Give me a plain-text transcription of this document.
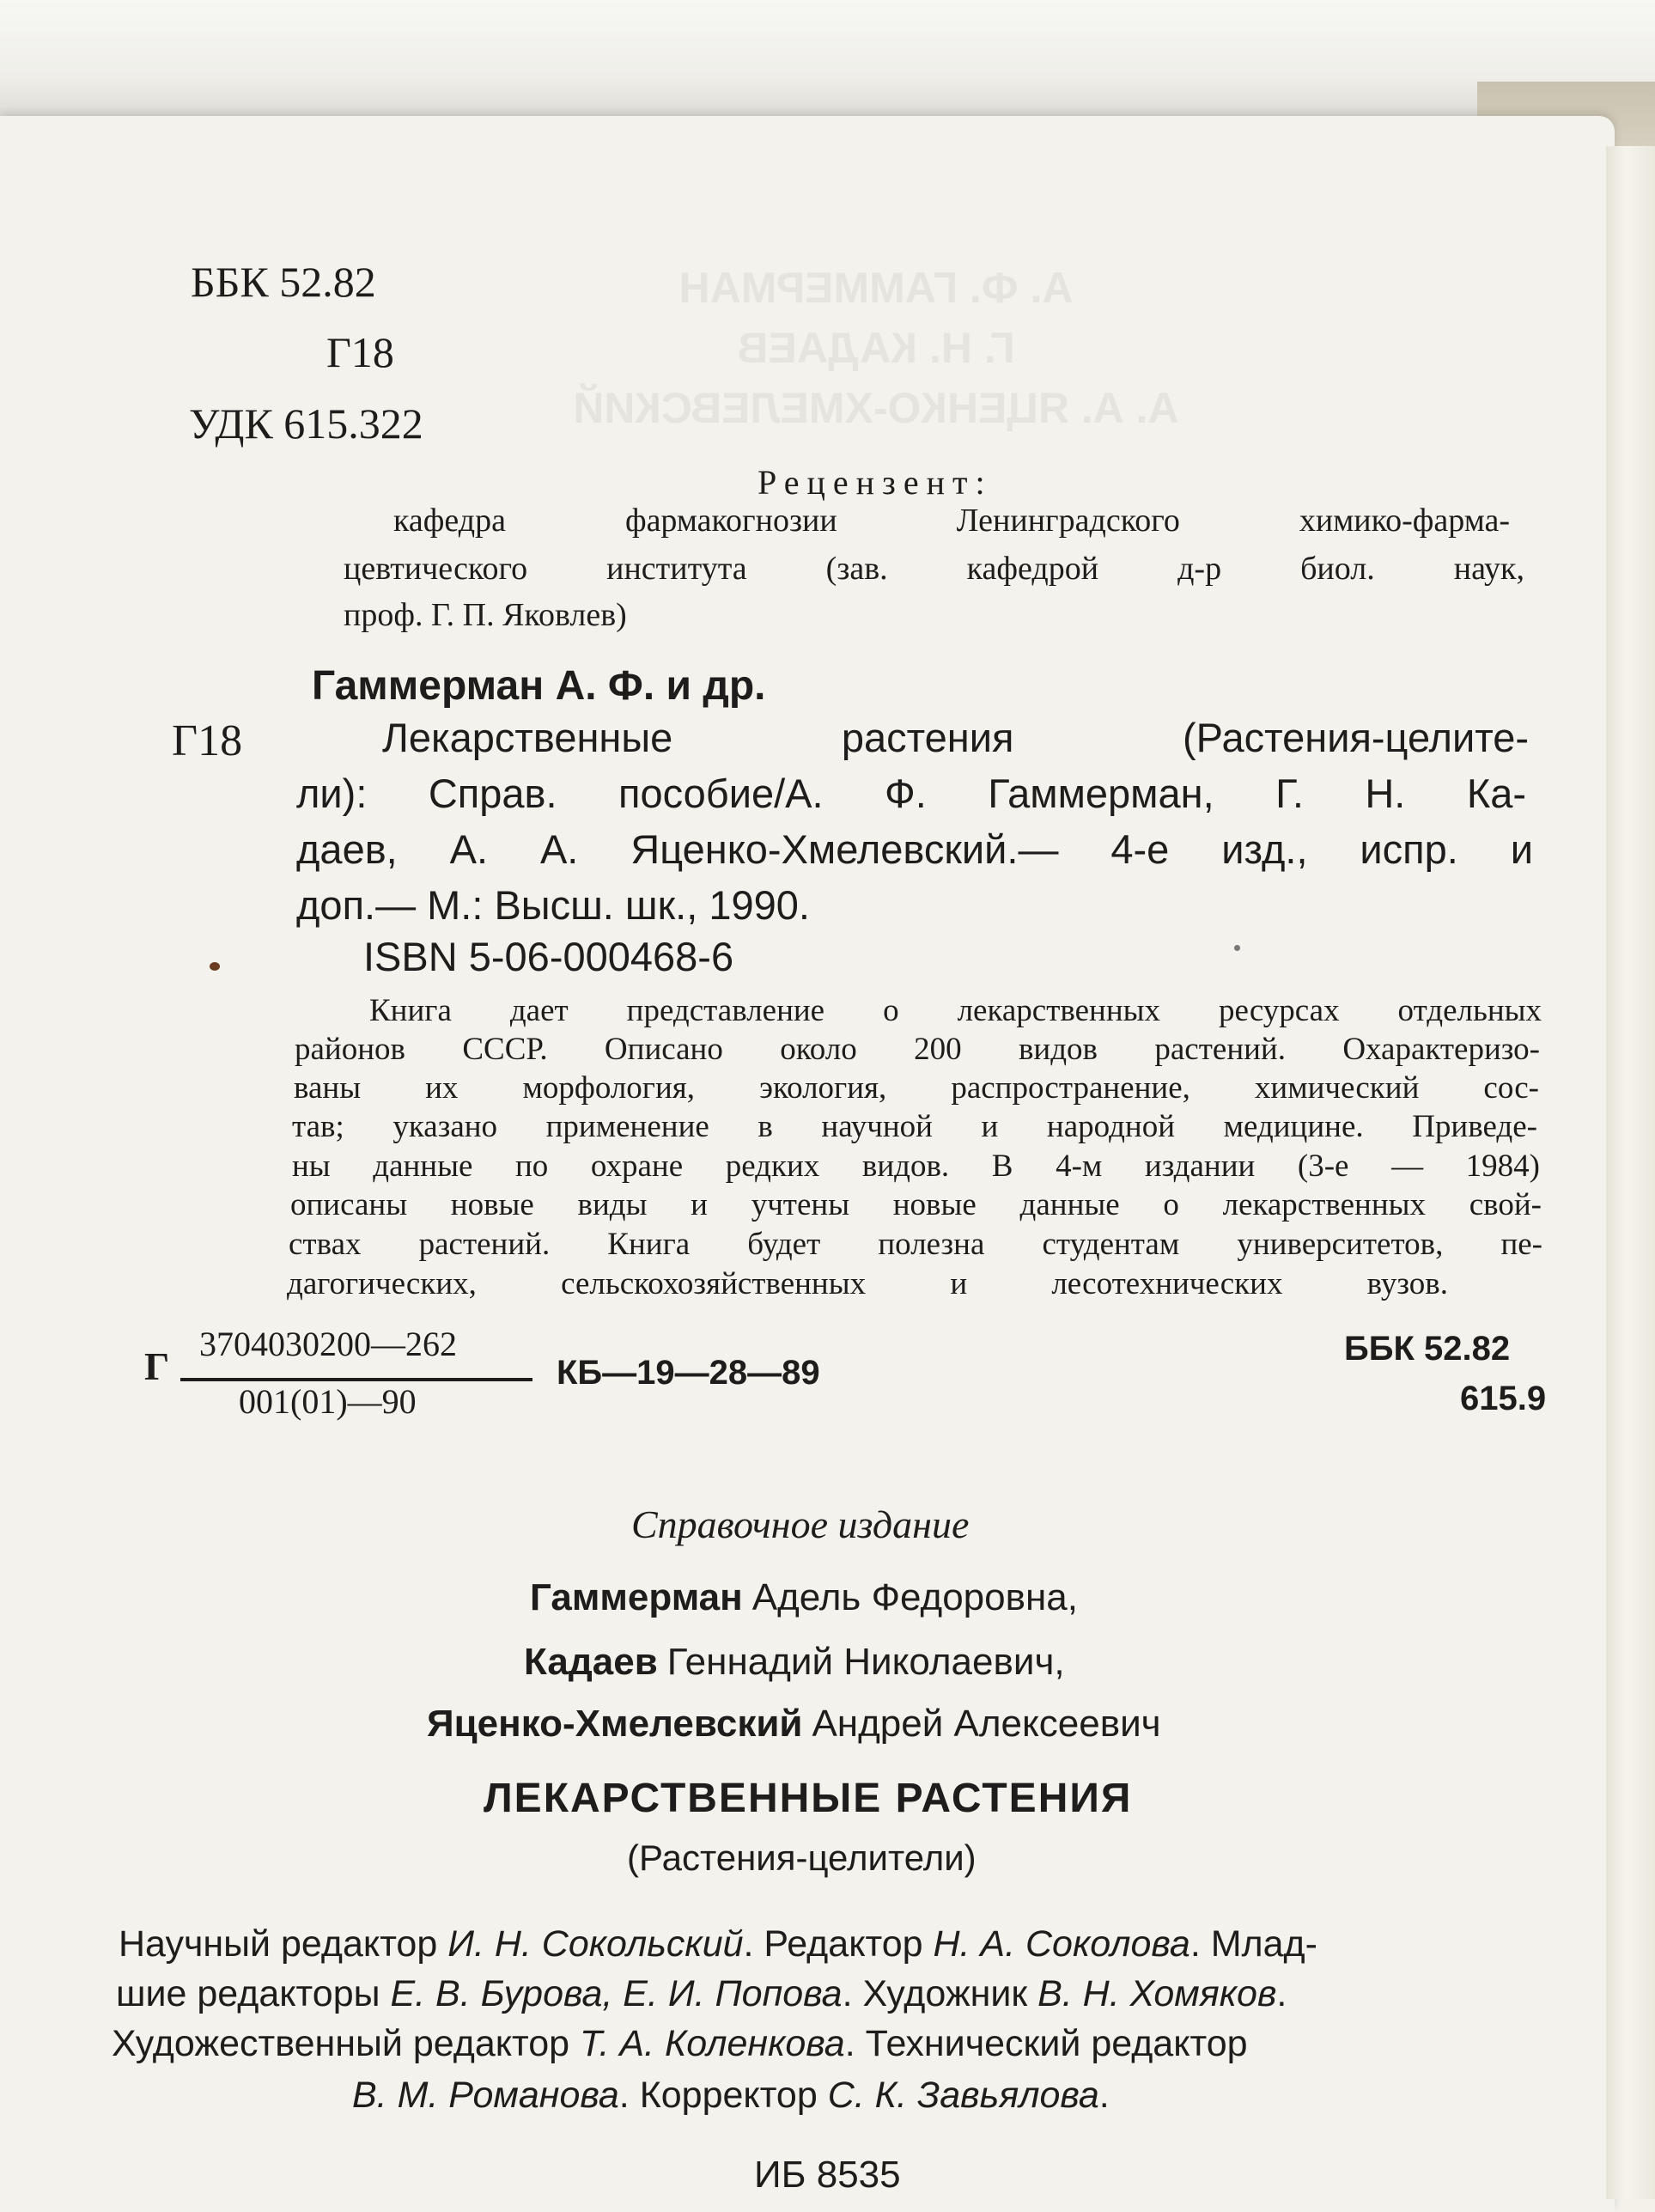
А. Ф. ГАММЕРМАН
Г. Н. КАДАЕВ
А. А. ЯЦЕНКО-ХМЕЛЕВСКИЙ
ББК 52.82
Г18
УДК 615.322
Рецензент:
кафедра фармакогнозии Ленинградского химико-фарма-
цевтического института (зав. кафедрой д-р биол. наук,
проф. Г. П. Яковлев)
Гаммерман А. Ф. и др.
Г18	Лекарственные растения (Растения-целите-
ли): Справ. пособие/А. Ф. Гаммерман, Г. Н. Ка-
даев, А. А. Яценко-Хмелевский.— 4-е изд., испр. и
доп.— М.: Высш. шк., 1990.
ISBN 5-06-000468-6
Книга дает представление о лекарственных ресурсах отдельных
районов СССР. Описано около 200 видов растений. Охарактеризо-
ваны их морфология, экология, распространение, химический сос-
тав; указано применение в научной и народной медицине. Приведе-
ны данные по охране редких видов. В 4-м издании (3-е — 1984)
описаны новые виды и учтены новые данные о лекарственных свой-
ствах растений. Книга будет полезна студентам университетов, пе-
дагогических, сельскохозяйственных и лесотехнических вузов.
Г
3704030200—262
001(01)—90
КБ—19—28—89
ББК 52.82
615.9
Справочное издание
Гаммерман Адель Федоровна,
Кадаев Геннадий Николаевич,
Яценко-Хмелевский Андрей Алексеевич
ЛЕКАРСТВЕННЫЕ РАСТЕНИЯ
(Растения-целители)
Научный редактор И. Н. Сокольский. Редактор Н. А. Соколова. Млад-
шие редакторы Е. В. Бурова, Е. И. Попова. Художник В. Н. Хомяков.
Художественный редактор Т. А. Коленкова. Технический редактор
В. М. Романова. Корректор С. К. Завьялова.
ИБ 8535
